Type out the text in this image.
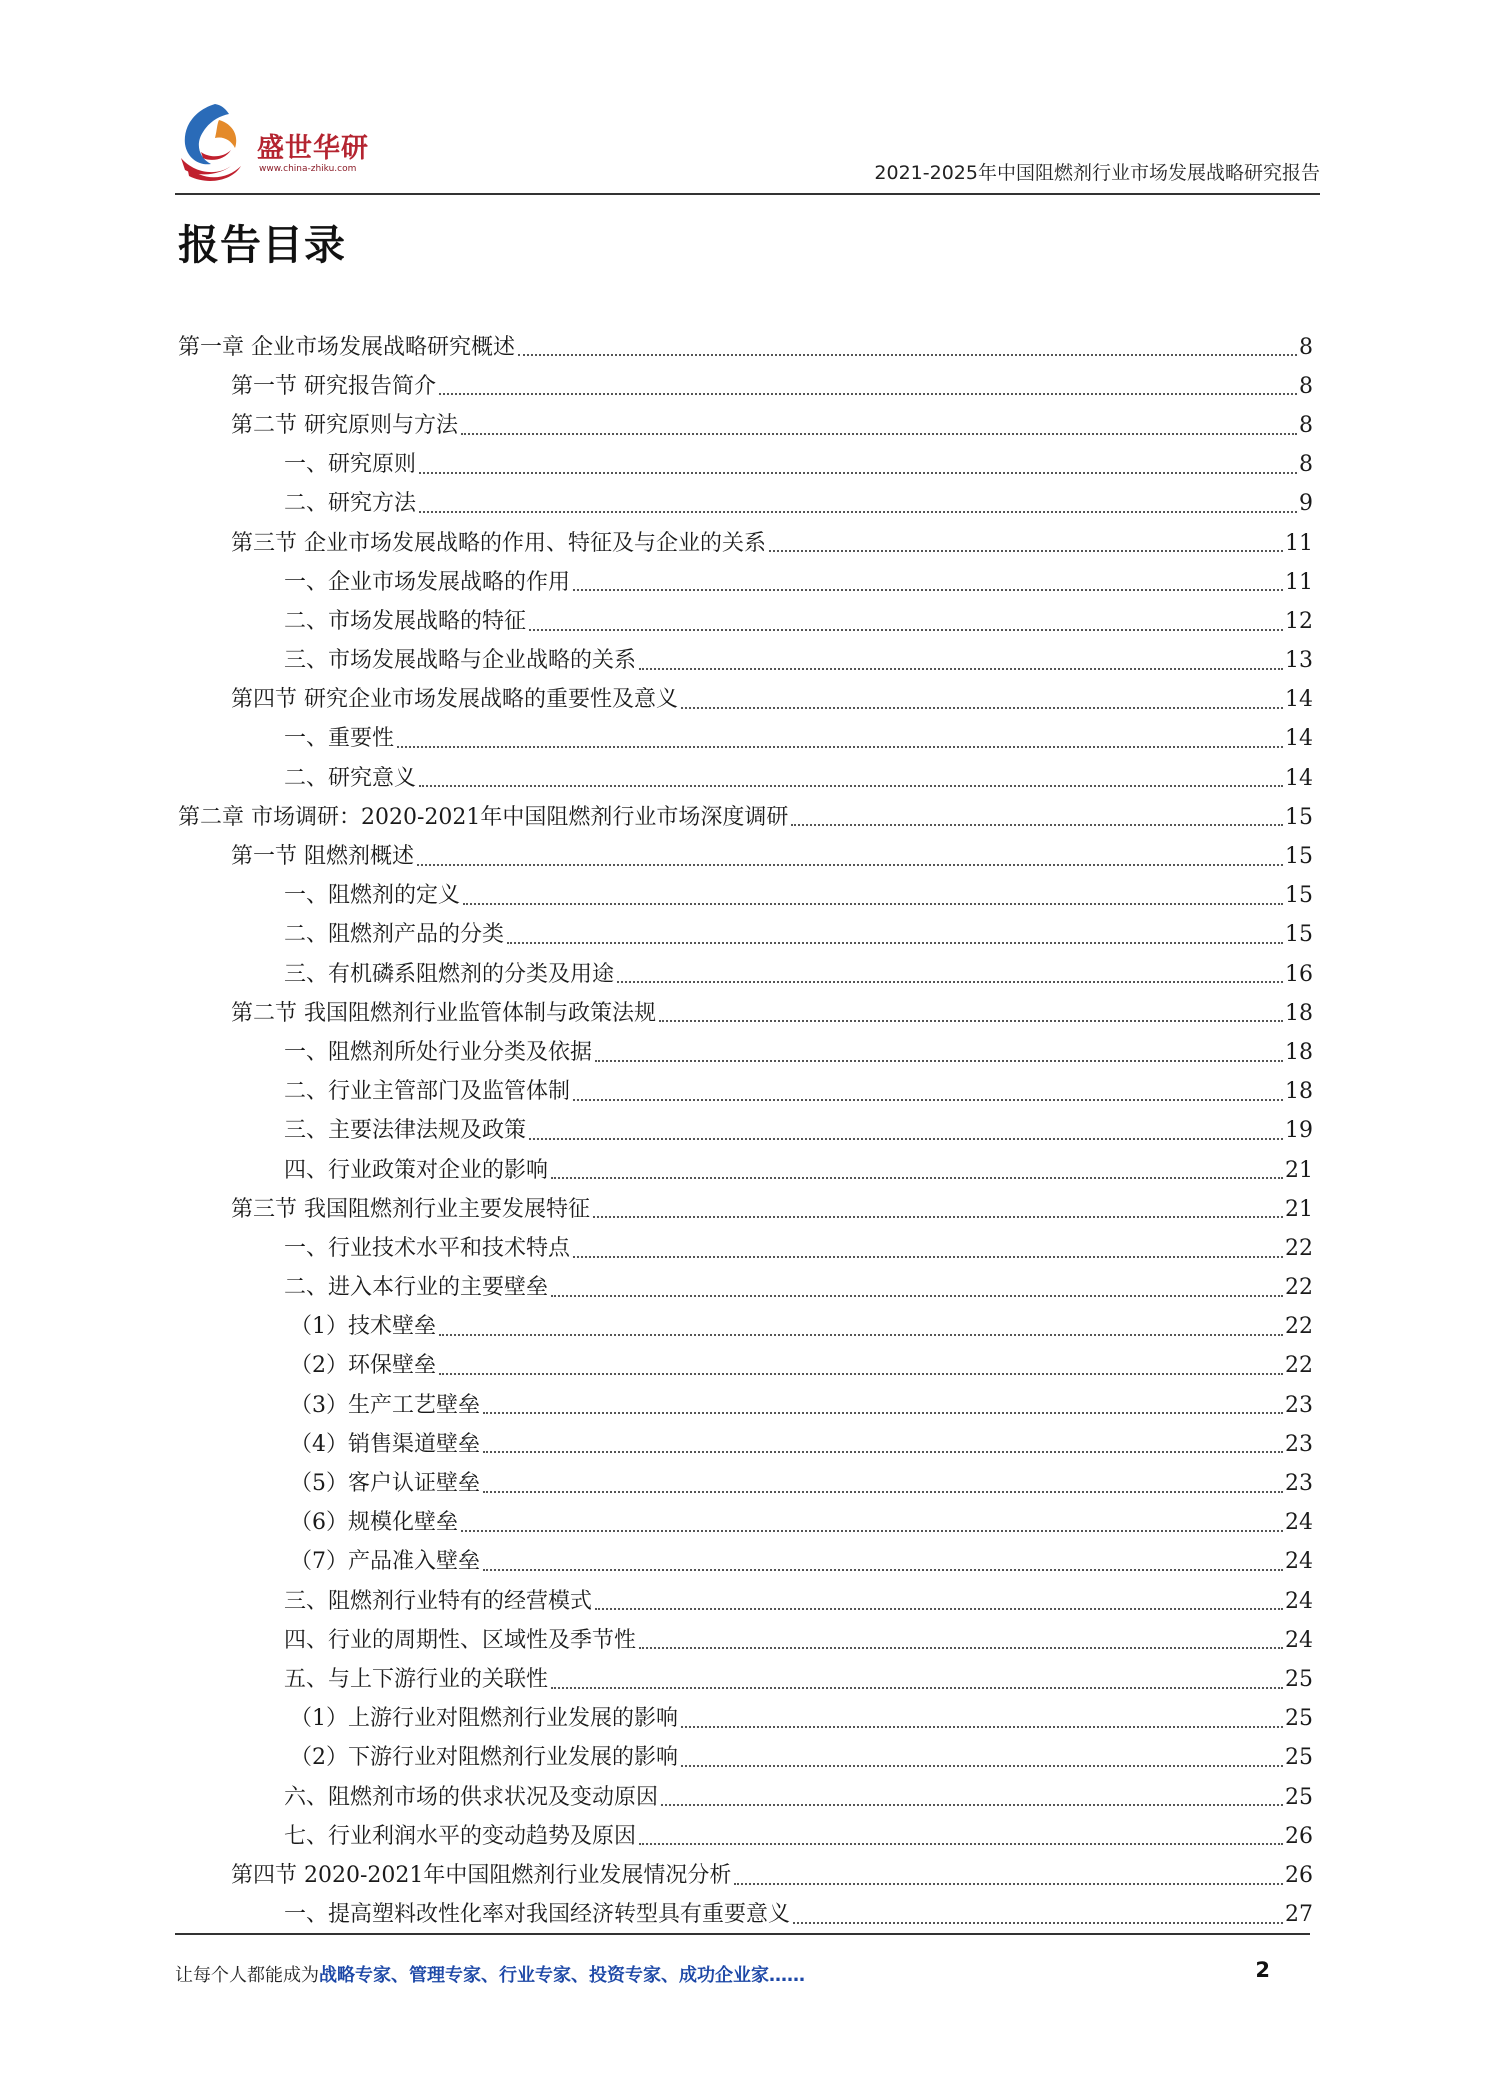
盛世华研
www.china-zhiku.com	2021-2025年中国阻燃剂行业市场发展战略研究报告
报告目录
第一章 企业市场发展战略研究概述	8
第一节 研究报告简介	8
第二节 研究原则与方法	8
一、研究原则	8
二、研究方法	9
第三节 企业市场发展战略的作用、特征及与企业的关系	11
一、企业市场发展战略的作用	11
二、市场发展战略的特征	12
三、市场发展战略与企业战略的关系	13
第四节 研究企业市场发展战略的重要性及意义	14
一、重要性	14
二、研究意义	14
第二章 市场调研：2020-2021年中国阻燃剂行业市场深度调研	15
第一节 阻燃剂概述	15
一、阻燃剂的定义	15
二、阻燃剂产品的分类	15
三、有机磷系阻燃剂的分类及用途	16
第二节 我国阻燃剂行业监管体制与政策法规	18
一、阻燃剂所处行业分类及依据	18
二、行业主管部门及监管体制	18
三、主要法律法规及政策	19
四、行业政策对企业的影响	21
第三节 我国阻燃剂行业主要发展特征	21
一、行业技术水平和技术特点	22
二、进入本行业的主要壁垒	22
（1）技术壁垒	22
（2）环保壁垒	22
（3）生产工艺壁垒	23
（4）销售渠道壁垒	23
（5）客户认证壁垒	23
（6）规模化壁垒	24
（7）产品准入壁垒	24
三、阻燃剂行业特有的经营模式	24
四、行业的周期性、区域性及季节性	24
五、与上下游行业的关联性	25
（1）上游行业对阻燃剂行业发展的影响	25
（2）下游行业对阻燃剂行业发展的影响	25
六、阻燃剂市场的供求状况及变动原因	25
七、行业利润水平的变动趋势及原因	26
第四节 2020-2021年中国阻燃剂行业发展情况分析	26
一、提高塑料改性化率对我国经济转型具有重要意义	27
让每个人都能成为战略专家、管理专家、行业专家、投资专家、成功企业家……	2
